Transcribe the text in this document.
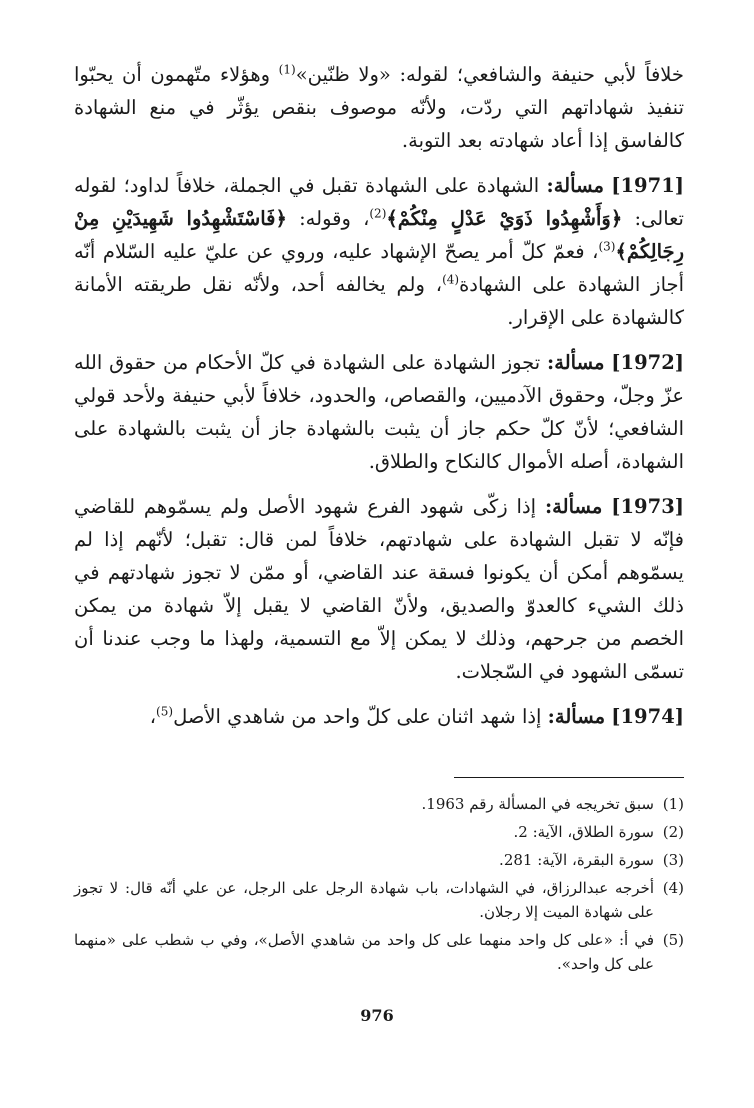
خلافاً لأبي حنيفة والشافعي؛ لقوله: «ولا ظنّين»$^{(1)}$ وهؤلاء متّهمون أن يحبّوا تنفيذ شهاداتهم التي ردّت، ولأنّه موصوف بنقص يؤثّر في منع الشهادة كالفاسق إذا أعاد شهادته بعد التوبة.

[1971] مسألة: الشهادة على الشهادة تقبل في الجملة، خلافاً لداود؛ لقوله تعالى: ﴿وَأَشْهِدُوا ذَوَيْ عَدْلٍ مِنْكُمْ﴾$^{(2)}$، وقوله: ﴿فَاسْتَشْهِدُوا شَهِيدَيْنِ مِنْ رِجَالِكُمْ﴾$^{(3)}$، فعمّ كلّ أمر يصحّ الإشهاد عليه، وروي عن عليّ عليه السّلام أنّه أجاز الشهادة على الشهادة$^{(4)}$، ولم يخالفه أحد، ولأنّه نقل طريقته الأمانة كالشهادة على الإقرار.

[1972] مسألة: تجوز الشهادة على الشهادة في كلّ الأحكام من حقوق الله عزّ وجلّ، وحقوق الآدميين، والقصاص، والحدود، خلافاً لأبي حنيفة ولأحد قولي الشافعي؛ لأنّ كلّ حكم جاز أن يثبت بالشهادة جاز أن يثبت بالشهادة على الشهادة، أصله الأموال كالنكاح والطلاق.

[1973] مسألة: إذا زكّى شهود الفرع شهود الأصل ولم يسمّوهم للقاضي فإنّه لا تقبل الشهادة على شهادتهم، خلافاً لمن قال: تقبل؛ لأنّهم إذا لم يسمّوهم أمكن أن يكونوا فسقة عند القاضي، أو ممّن لا تجوز شهادتهم في ذلك الشيء كالعدوّ والصديق، ولأنّ القاضي لا يقبل إلاّ شهادة من يمكن الخصم من جرحهم، وذلك لا يمكن إلاّ مع التسمية، ولهذا ما وجب عندنا أن تسمّى الشهود في السّجلات.

[1974] مسألة: إذا شهد اثنان على كلّ واحد من شاهدي الأصل$^{(5)}$،

(1)
سبق تخريجه في المسألة رقم 1963.
(2)
سورة الطلاق، الآية: 2.
(3)
سورة البقرة، الآية: 281.
(4)
أخرجه عبدالرزاق، في الشهادات، باب شهادة الرجل على الرجل، عن علي أنّه قال: لا تجوز على شهادة الميت إلا رجلان.
(5)
في أ: «على كل واحد منهما على كل واحد من شاهدي الأصل»، وفي ب شطب على «منهما على كل واحد».
976
